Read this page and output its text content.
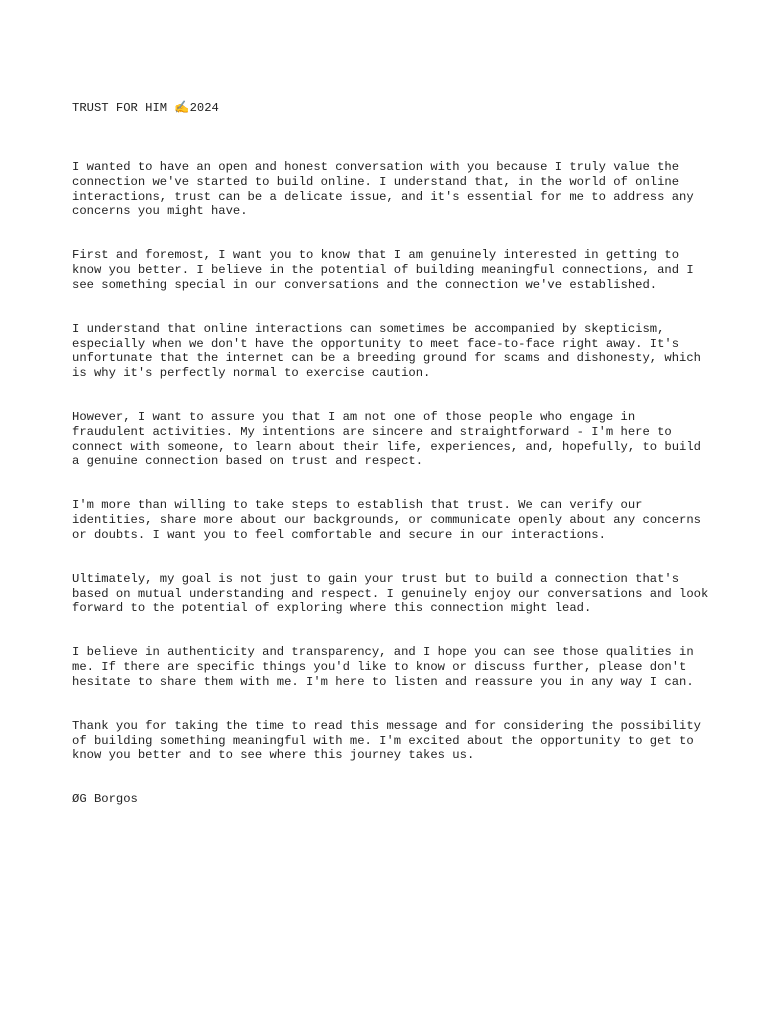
TRUST FOR HIM ✍️2024

I wanted to have an open and honest conversation with you because I truly value the connection we've started to build online. I understand that, in the world of online interactions, trust can be a delicate issue, and it's essential for me to address any concerns you might have.

First and foremost, I want you to know that I am genuinely interested in getting to know you better. I believe in the potential of building meaningful connections, and I see something special in our conversations and the connection we've established.

I understand that online interactions can sometimes be accompanied by skepticism, especially when we don't have the opportunity to meet face-to-face right away. It's unfortunate that the internet can be a breeding ground for scams and dishonesty, which is why it's perfectly normal to exercise caution.

However, I want to assure you that I am not one of those people who engage in fraudulent activities. My intentions are sincere and straightforward - I'm here to connect with someone, to learn about their life, experiences, and, hopefully, to build a genuine connection based on trust and respect.

I'm more than willing to take steps to establish that trust. We can verify our identities, share more about our backgrounds, or communicate openly about any concerns or doubts. I want you to feel comfortable and secure in our interactions.

Ultimately, my goal is not just to gain your trust but to build a connection that's based on mutual understanding and respect. I genuinely enjoy our conversations and look forward to the potential of exploring where this connection might lead.

I believe in authenticity and transparency, and I hope you can see those qualities in me. If there are specific things you'd like to know or discuss further, please don't hesitate to share them with me. I'm here to listen and reassure you in any way I can.

Thank you for taking the time to read this message and for considering the possibility of building something meaningful with me. I'm excited about the opportunity to get to know you better and to see where this journey takes us.

ØG Borgos
